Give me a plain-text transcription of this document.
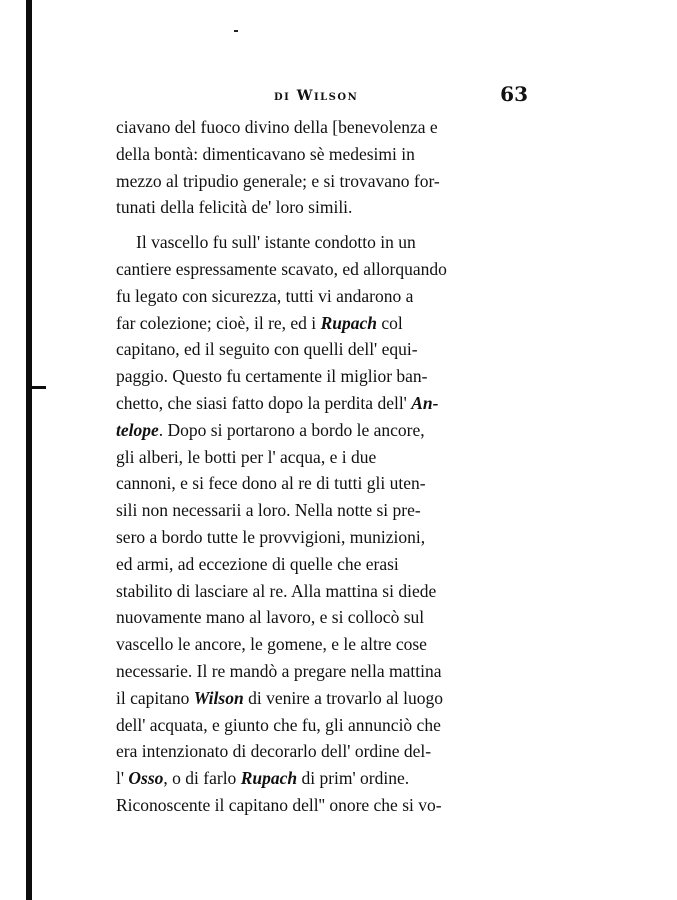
di Wilson	63
ciavano del fuoco divino della [benevolenza e
della bontà: dimenticavano sè medesimi in
mezzo al tripudio generale; e si trovavano for-
tunati della felicità de' loro simili.
Il vascello fu sull' istante condotto in un
cantiere espressamente scavato, ed allorquando
fu legato con sicurezza, tutti vi andarono a
far colezione; cioè, il re, ed i Rupach col
capitano, ed il seguito con quelli dell' equi-
paggio. Questo fu certamente il miglior ban-
chetto, che siasi fatto dopo la perdita dell' An-
telope. Dopo si portarono a bordo le ancore,
gli alberi, le botti per l' acqua, e i due
cannoni, e si fece dono al re di tutti gli uten-
sili non necessarii a loro. Nella notte si pre-
sero a bordo tutte le provvigioni, munizioni,
ed armi, ad eccezione di quelle che erasi
stabilito di lasciare al re. Alla mattina si diede
nuovamente mano al lavoro, e si collocò sul
vascello le ancore, le gomene, e le altre cose
necessarie. Il re mandò a pregare nella mattina
il capitano Wilson di venire a trovarlo al luogo
dell' acquata, e giunto che fu, gli annunciò che
era intenzionato di decorarlo dell' ordine del-
l' Osso, o di farlo Rupach di prim' ordine.
Riconoscente il capitano dell'' onore che si vo-
